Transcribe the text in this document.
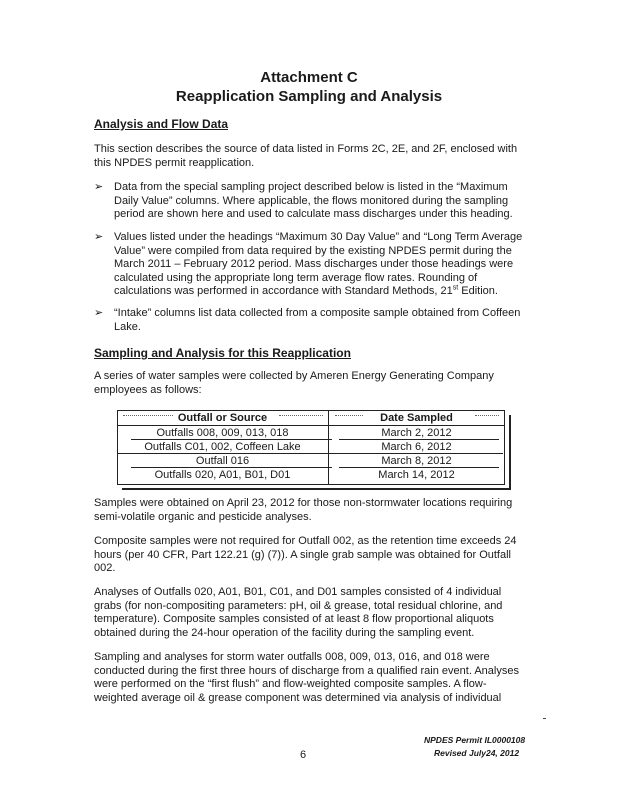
Attachment C
Reapplication Sampling and Analysis
Analysis and Flow Data
This section describes the source of data listed in Forms 2C, 2E, and 2F, enclosed with this NPDES permit reapplication.
➢ Data from the special sampling project described below is listed in the “Maximum Daily Value” columns. Where applicable, the flows monitored during the sampling period are shown here and used to calculate mass discharges under this heading.
➢ Values listed under the headings “Maximum 30 Day Value” and “Long Term Average Value” were compiled from data required by the existing NPDES permit during the March 2011 – February 2012 period. Mass discharges under those headings were calculated using the appropriate long term average flow rates. Rounding of calculations was performed in accordance with Standard Methods, 21st Edition.
➢ “Intake” columns list data collected from a composite sample obtained from Coffeen Lake.
Sampling and Analysis for this Reapplication
A series of water samples were collected by Ameren Energy Generating Company employees as follows:
Outfall or Source	Date Sampled
Outfalls 008, 009, 013, 018	March 2, 2012
Outfalls C01, 002, Coffeen Lake	March 6, 2012
Outfall 016	March 8, 2012
Outfalls 020, A01, B01, D01	March 14, 2012
Samples were obtained on April 23, 2012 for those non-stormwater locations requiring semi-volatile organic and pesticide analyses.
Composite samples were not required for Outfall 002, as the retention time exceeds 24 hours (per 40 CFR, Part 122.21 (g) (7)). A single grab sample was obtained for Outfall 002.
Analyses of Outfalls 020, A01, B01, C01, and D01 samples consisted of 4 individual grabs (for non-compositing parameters: pH, oil & grease, total residual chlorine, and temperature). Composite samples consisted of at least 8 flow proportional aliquots obtained during the 24-hour operation of the facility during the sampling event.
Sampling and analyses for storm water outfalls 008, 009, 013, 016, and 018 were conducted during the first three hours of discharge from a qualified rain event. Analyses were performed on the “first flush” and flow-weighted composite samples. A flow-weighted average oil & grease component was determined via analysis of individual
6
NPDES Permit IL0000108
Revised July24, 2012
